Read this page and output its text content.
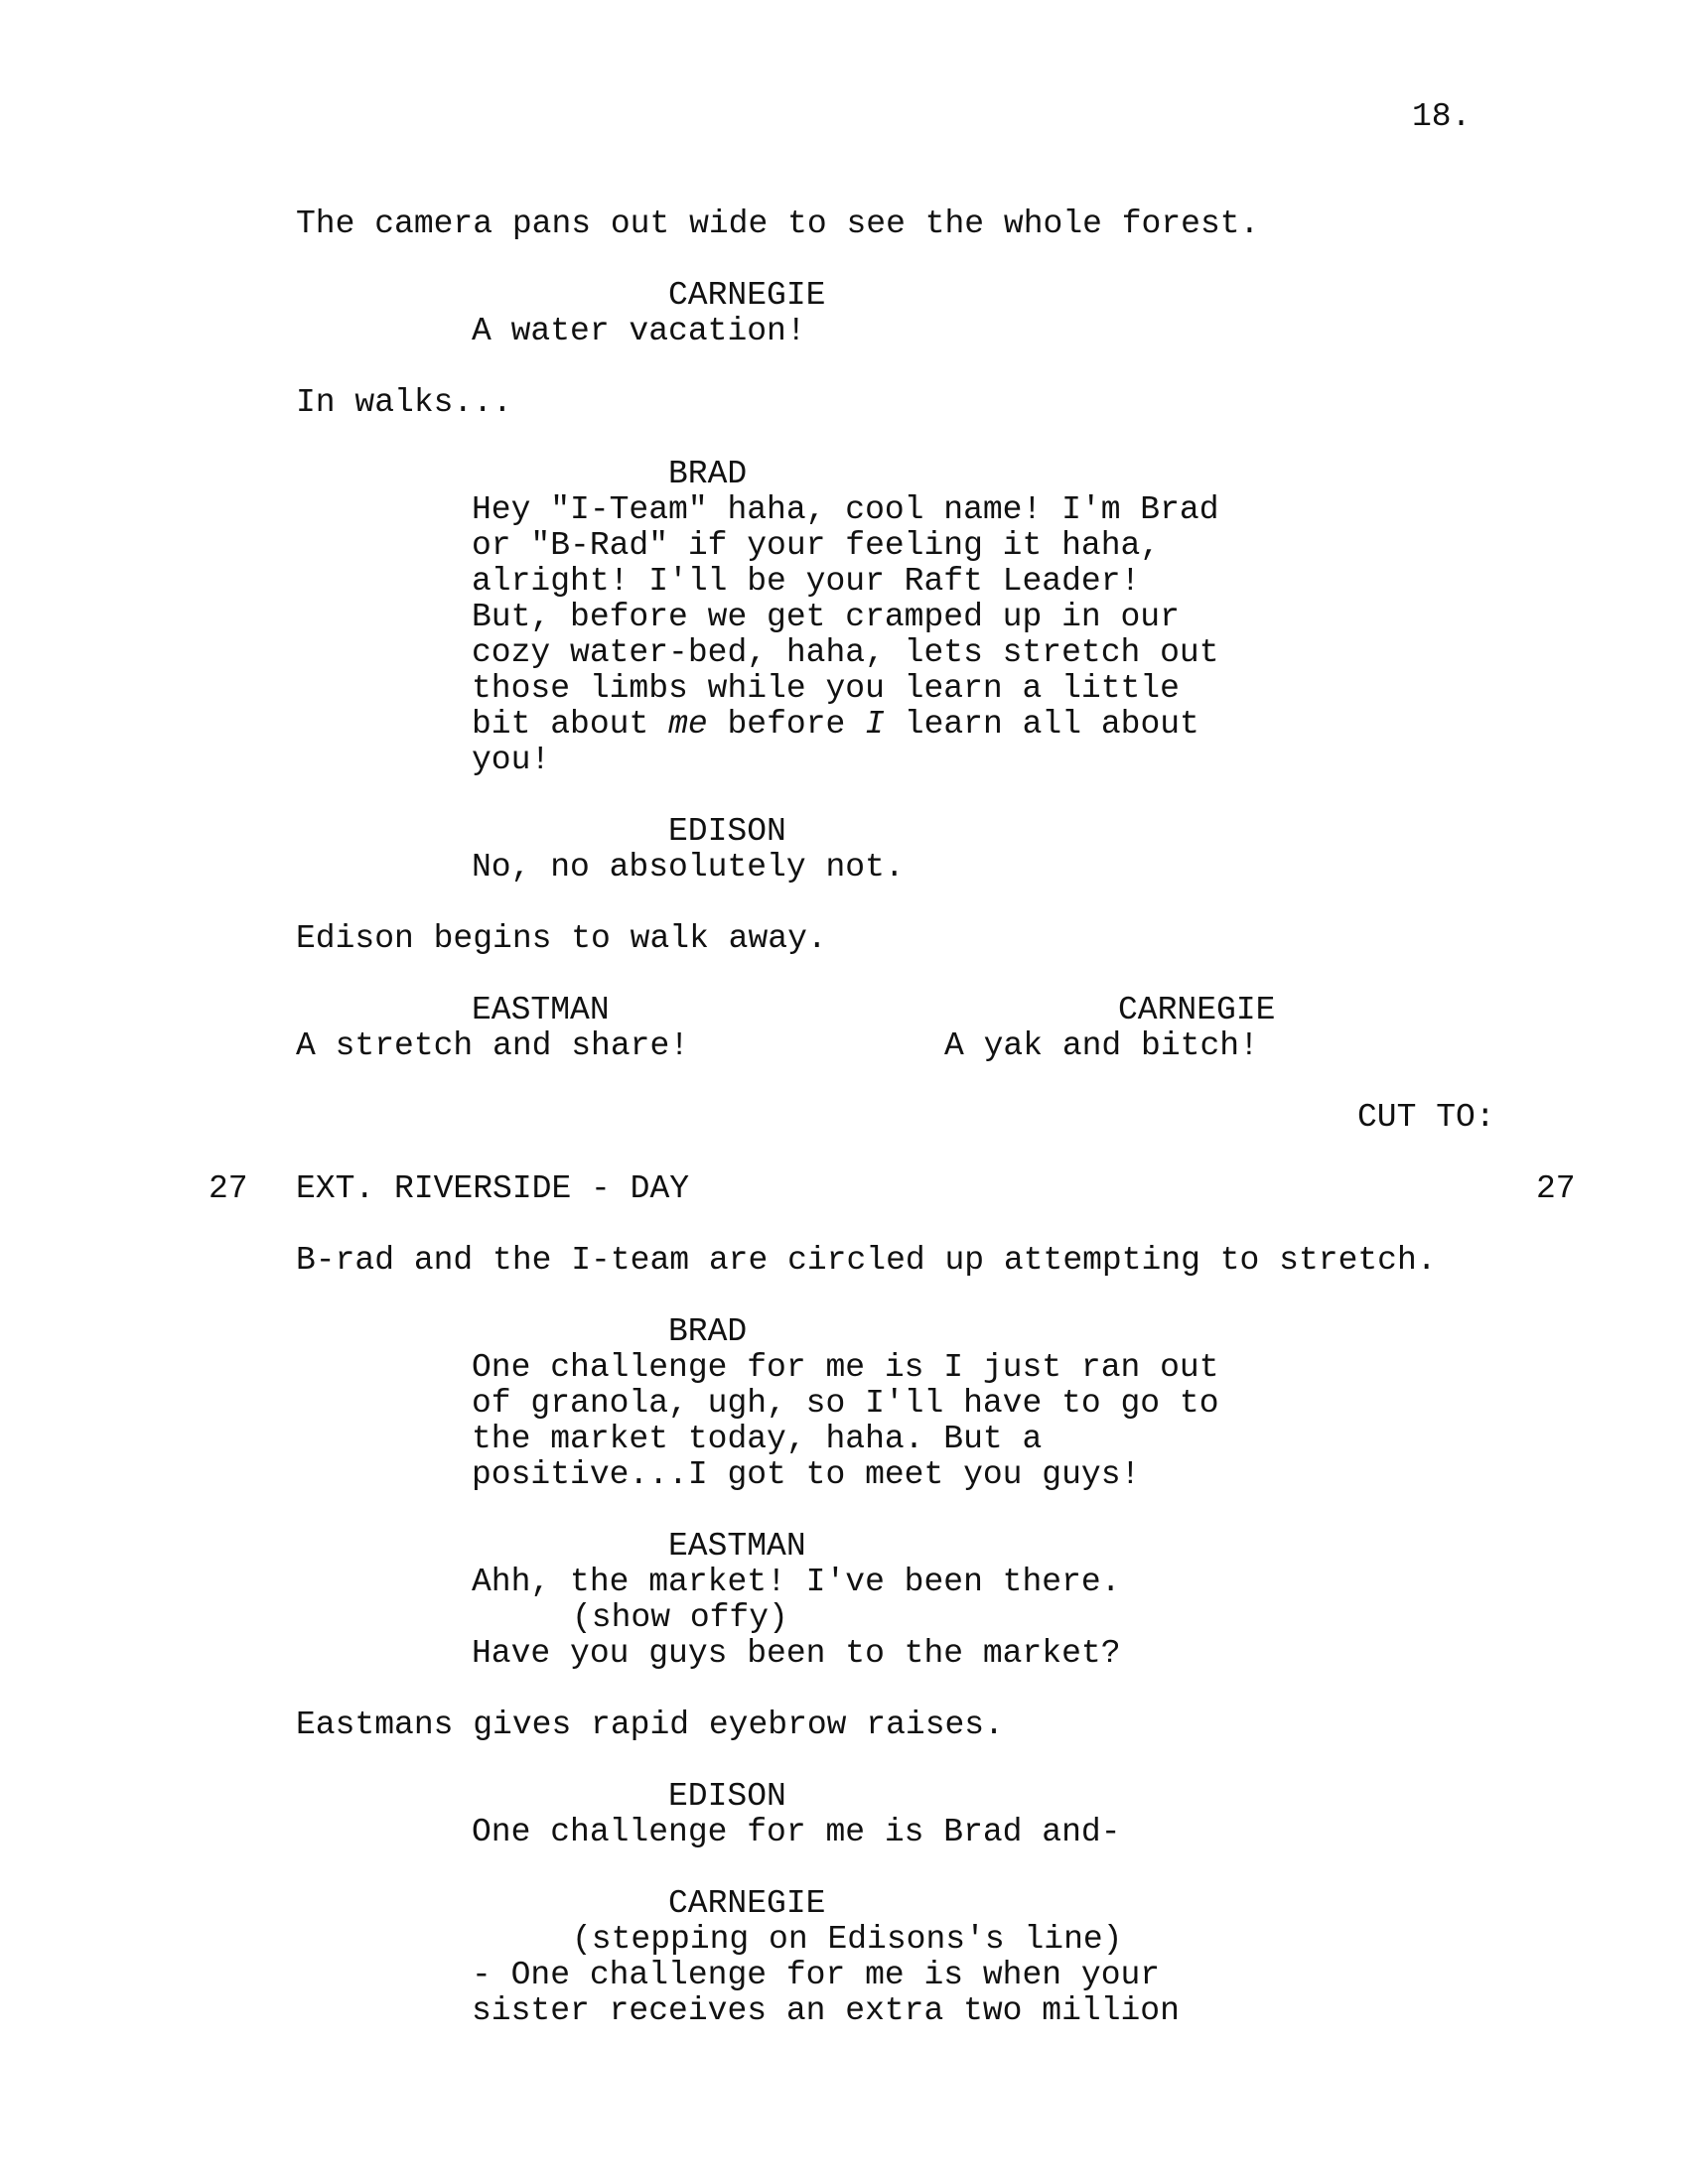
18.
The camera pans out wide to see the whole forest.
CARNEGIE
A water vacation!
In walks...
BRAD
Hey "I-Team" haha, cool name! I'm Brad
or "B-Rad" if your feeling it haha,
alright! I'll be your Raft Leader!
But, before we get cramped up in our
cozy water-bed, haha, lets stretch out
those limbs while you learn a little
bit about me before I learn all about
you!
EDISON
No, no absolutely not.
Edison begins to walk away.
EASTMAN
A stretch and share!
CARNEGIE
A yak and bitch!
CUT TO:
27 EXT. RIVERSIDE - DAY	27
B-rad and the I-team are circled up attempting to stretch.
BRAD
One challenge for me is I just ran out
of granola, ugh, so I'll have to go to
the market today, haha. But a
positive...I got to meet you guys!
EASTMAN
Ahh, the market! I've been there.
(show offy)
Have you guys been to the market?
Eastmans gives rapid eyebrow raises.
EDISON
One challenge for me is Brad and-
CARNEGIE
(stepping on Edisons's line)
- One challenge for me is when your
sister receives an extra two million
